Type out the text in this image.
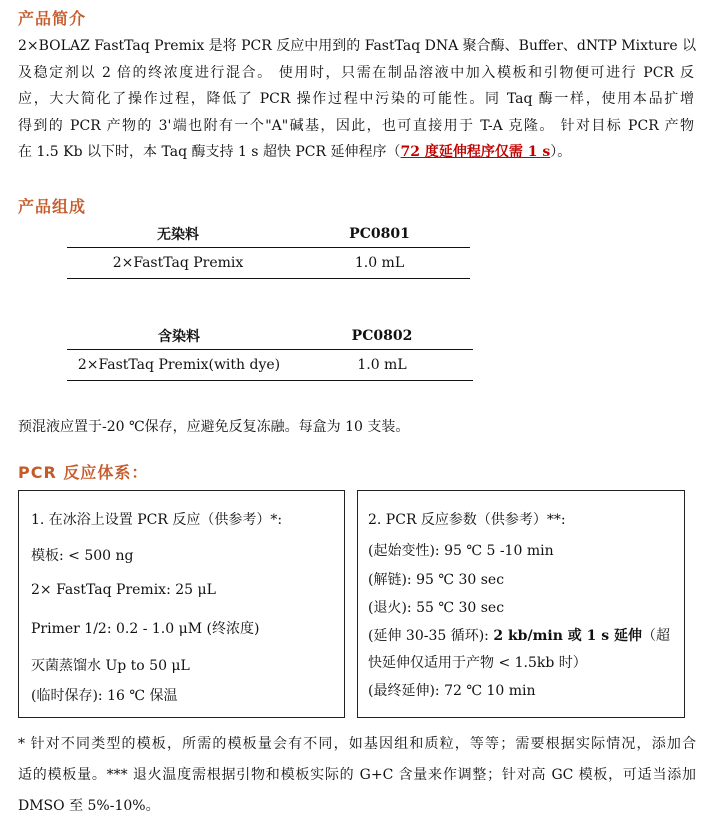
产品简介
2×BOLAZ FastTaq Premix 是将 PCR 反应中用到的 FastTaq DNA 聚合酶、Buffer、dNTP Mixture 以
及稳定剂以 2 倍的终浓度进行混合。 使用时，只需在制品溶液中加入模板和引物便可进行 PCR 反
应，大大简化了操作过程，降低了 PCR 操作过程中污染的可能性。同 Taq 酶一样，使用本品扩增
得到的 PCR 产物的 3'端也附有一个"A"碱基，因此，也可直接用于 T-A 克隆。 针对目标 PCR 产物
在 1.5 Kb 以下时，本 Taq 酶支持 1 s 超快 PCR 延伸程序（72 度延伸程序仅需 1 s）。
产品组成
无染料	PC0801
2×FastTaq Premix	1.0 mL
含染料	PC0802
2×FastTaq Premix(with dye)	1.0 mL
预混液应置于-20 ℃保存，应避免反复冻融。每盒为 10 支装。
PCR 反应体系：
1. 在冰浴上设置 PCR 反应（供参考）*:
模板: < 500 ng
2× FastTaq Premix: 25 μL
Primer 1/2: 0.2 - 1.0 μM (终浓度)
灭菌蒸馏水 Up to 50 μL
(临时保存): 16 ℃ 保温
2. PCR 反应参数（供参考）**:
(起始变性): 95 ℃ 5 -10 min
(解链): 95 ℃ 30 sec
(退火): 55 ℃ 30 sec
(延伸 30-35 循环): 2 kb/min 或 1 s 延伸（超
快延伸仅适用于产物 < 1.5kb 时）
(最终延伸): 72 ℃ 10 min
* 针对不同类型的模板，所需的模板量会有不同，如基因组和质粒，等等；需要根据实际情况，添加合
适的模板量。*** 退火温度需根据引物和模板实际的 G+C 含量来作调整；针对高 GC 模板，可适当添加
DMSO 至 5%-10%。
